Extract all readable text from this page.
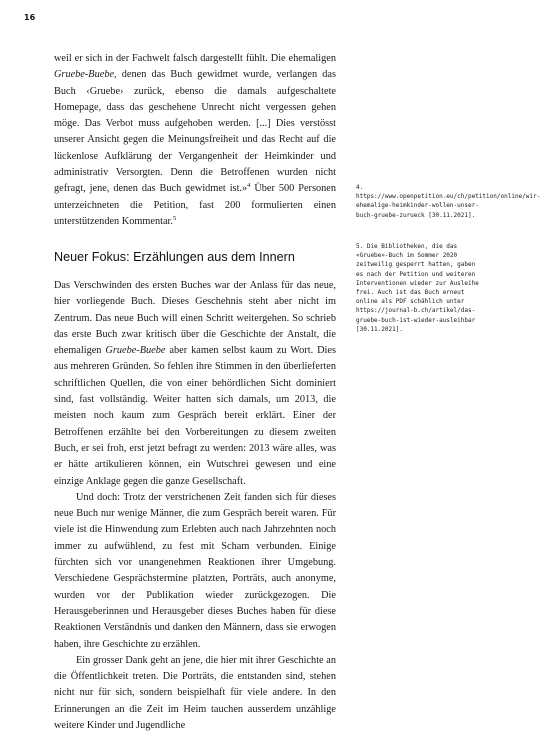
16

weil er sich in der Fachwelt falsch dargestellt fühlt. Die ehemaligen Gruebe-Buebe, denen das Buch gewidmet wurde, verlangen das Buch ‹Gruebe› zurück, ebenso die damals aufgeschaltete Homepage, dass das geschehene Unrecht nicht vergessen gehen möge. Das Verbot muss aufgehoben werden. [...] Dies verstösst unserer Ansicht gegen die Meinungsfreiheit und das Recht auf die lückenlose Aufklärung der Vergangenheit der Heimkinder und administrativ Versorgten. Denn die Betroffenen wurden nicht gefragt, jene, denen das Buch gewidmet ist.»$^4$ Über 500 Personen unterzeichneten die Petition, fast 200 formulierten einen unterstützenden Kommentar.$^5$

Neuer Fokus: Erzählungen aus dem Innern

Das Verschwinden des ersten Buches war der Anlass für das neue, hier vorliegende Buch. Dieses Geschehnis steht aber nicht im Zentrum. Das neue Buch will einen Schritt weitergehen. So schrieb das erste Buch zwar kritisch über die Geschichte der Anstalt, die ehemaligen Gruebe-Buebe aber kamen selbst kaum zu Wort. Dies aus mehreren Gründen. So fehlen ihre Stimmen in den überlieferten schriftlichen Quellen, die von einer behördlichen Sicht dominiert sind, fast vollständig. Weiter hatten sich damals, um 2013, die meisten noch kaum zum Gespräch bereit erklärt. Einer der Betroffenen erzählte bei den Vorbereitungen zu diesem zweiten Buch, er sei froh, erst jetzt befragt zu werden: 2013 wäre alles, was er hätte artikulieren können, ein Wutschrei gewesen und eine einzige Anklage gegen die ganze Gesellschaft.

Und doch: Trotz der verstrichenen Zeit fanden sich für dieses neue Buch nur wenige Männer, die zum Gespräch bereit waren. Für viele ist die Hinwendung zum Erlebten auch nach Jahrzehnten noch immer zu aufwühlend, zu fest mit Scham verbunden. Einige fürchten sich vor unangenehmen Reaktionen ihrer Umgebung. Verschiedene Gesprächstermine platzten, Porträts, auch anonyme, wurden vor der Publikation wieder zurückgezogen. Die Herausgeberinnen und Herausgeber dieses Buches haben für diese Reaktionen Verständnis und danken den Männern, dass sie erwogen haben, ihre Geschichte zu erzählen.

Ein grosser Dank geht an jene, die hier mit ihrer Geschichte an die Öffentlichkeit treten. Die Porträts, die entstanden sind, stehen nicht nur für sich, sondern beispielhaft für viele andere. In den Erinnerungen an die Zeit im Heim tauchen ausserdem unzählige weitere Kinder und Jugendliche

4. https://www.openpetition.eu/ch/petition/online/wir-ehemalige-heimkinder-wollen-unser-buch-gruebe-zurueck [30.11.2021].

5. Die Bibliotheken, die das «Gruebe»-Buch im Sommer 2020 zeitweilig gesperrt hatten, gaben es nach der Petition und weiteren Interventionen wieder zur Ausleihe frei. Auch ist das Buch erneut online als PDF schählich unter https://journal-b.ch/artikel/das-gruebe-buch-ist-wieder-ausleihbar [30.11.2021].
